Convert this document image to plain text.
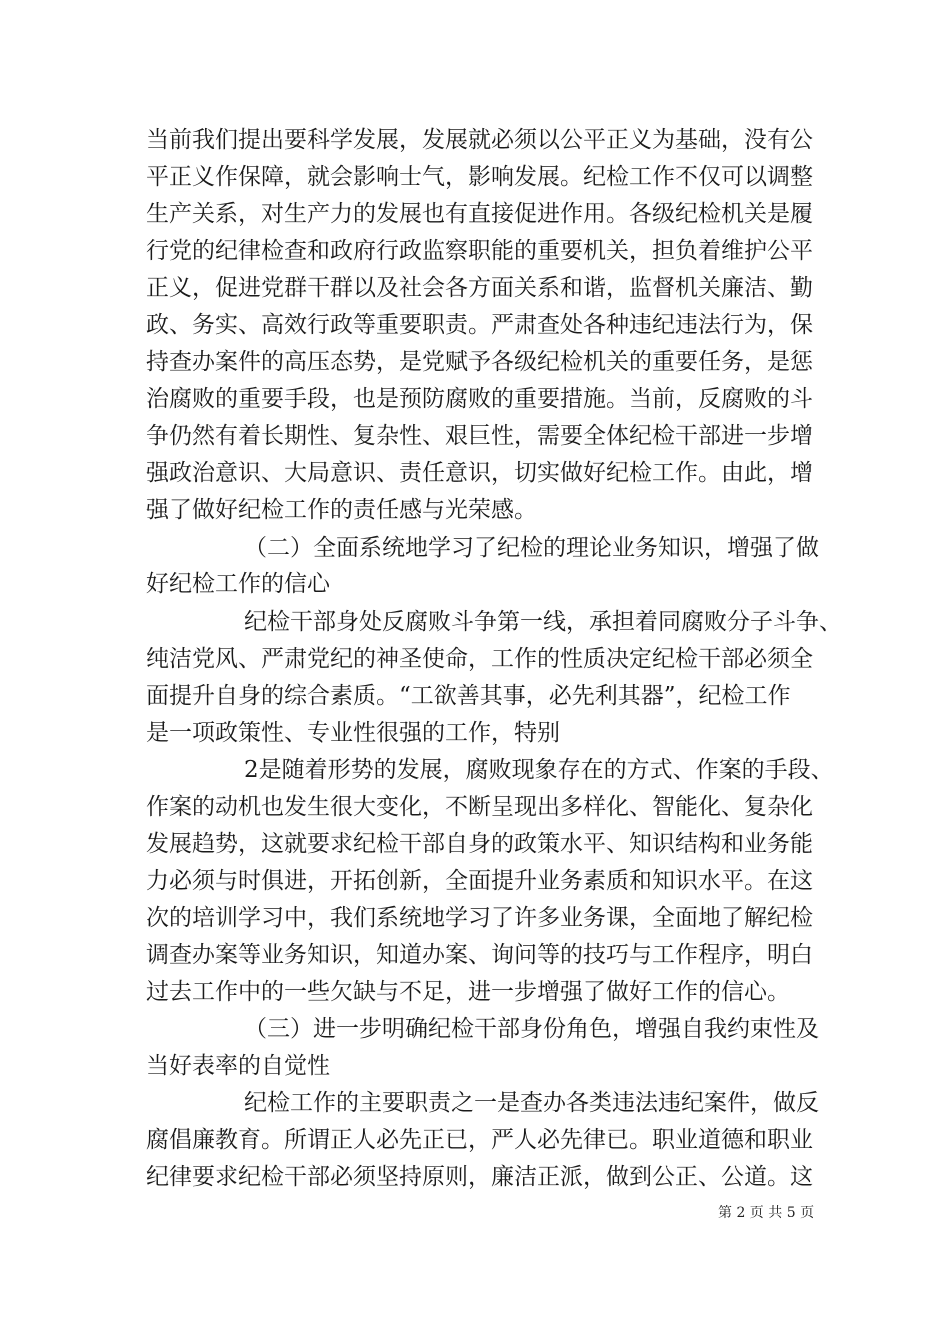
当前我们提出要科学发展，发展就必须以公平正义为基础，没有公
平正义作保障，就会影响士气，影响发展。纪检工作不仅可以调整
生产关系，对生产力的发展也有直接促进作用。各级纪检机关是履
行党的纪律检查和政府行政监察职能的重要机关，担负着维护公平
正义，促进党群干群以及社会各方面关系和谐，监督机关廉洁、勤
政、务实、高效行政等重要职责。严肃查处各种违纪违法行为，保
持查办案件的高压态势，是党赋予各级纪检机关的重要任务，是惩
治腐败的重要手段，也是预防腐败的重要措施。当前，反腐败的斗
争仍然有着长期性、复杂性、艰巨性，需要全体纪检干部进一步增
强政治意识、大局意识、责任意识，切实做好纪检工作。由此，增
强了做好纪检工作的责任感与光荣感。
（二）全面系统地学习了纪检的理论业务知识，增强了做
好纪检工作的信心
纪检干部身处反腐败斗争第一线，承担着同腐败分子斗争、
纯洁党风、严肃党纪的神圣使命，工作的性质决定纪检干部必须全
面提升自身的综合素质。“工欲善其事，必先利其器”，纪检工作
是一项政策性、专业性很强的工作，特别
2是随着形势的发展，腐败现象存在的方式、作案的手段、
作案的动机也发生很大变化，不断呈现出多样化、智能化、复杂化
发展趋势，这就要求纪检干部自身的政策水平、知识结构和业务能
力必须与时俱进，开拓创新，全面提升业务素质和知识水平。在这
次的培训学习中，我们系统地学习了许多业务课，全面地了解纪检
调查办案等业务知识，知道办案、询问等的技巧与工作程序，明白
过去工作中的一些欠缺与不足，进一步增强了做好工作的信心。
（三）进一步明确纪检干部身份角色，增强自我约束性及
当好表率的自觉性
纪检工作的主要职责之一是查办各类违法违纪案件，做反
腐倡廉教育。所谓正人必先正已，严人必先律已。职业道德和职业
纪律要求纪检干部必须坚持原则，廉洁正派，做到公正、公道。这
第 2 页 共 5 页
